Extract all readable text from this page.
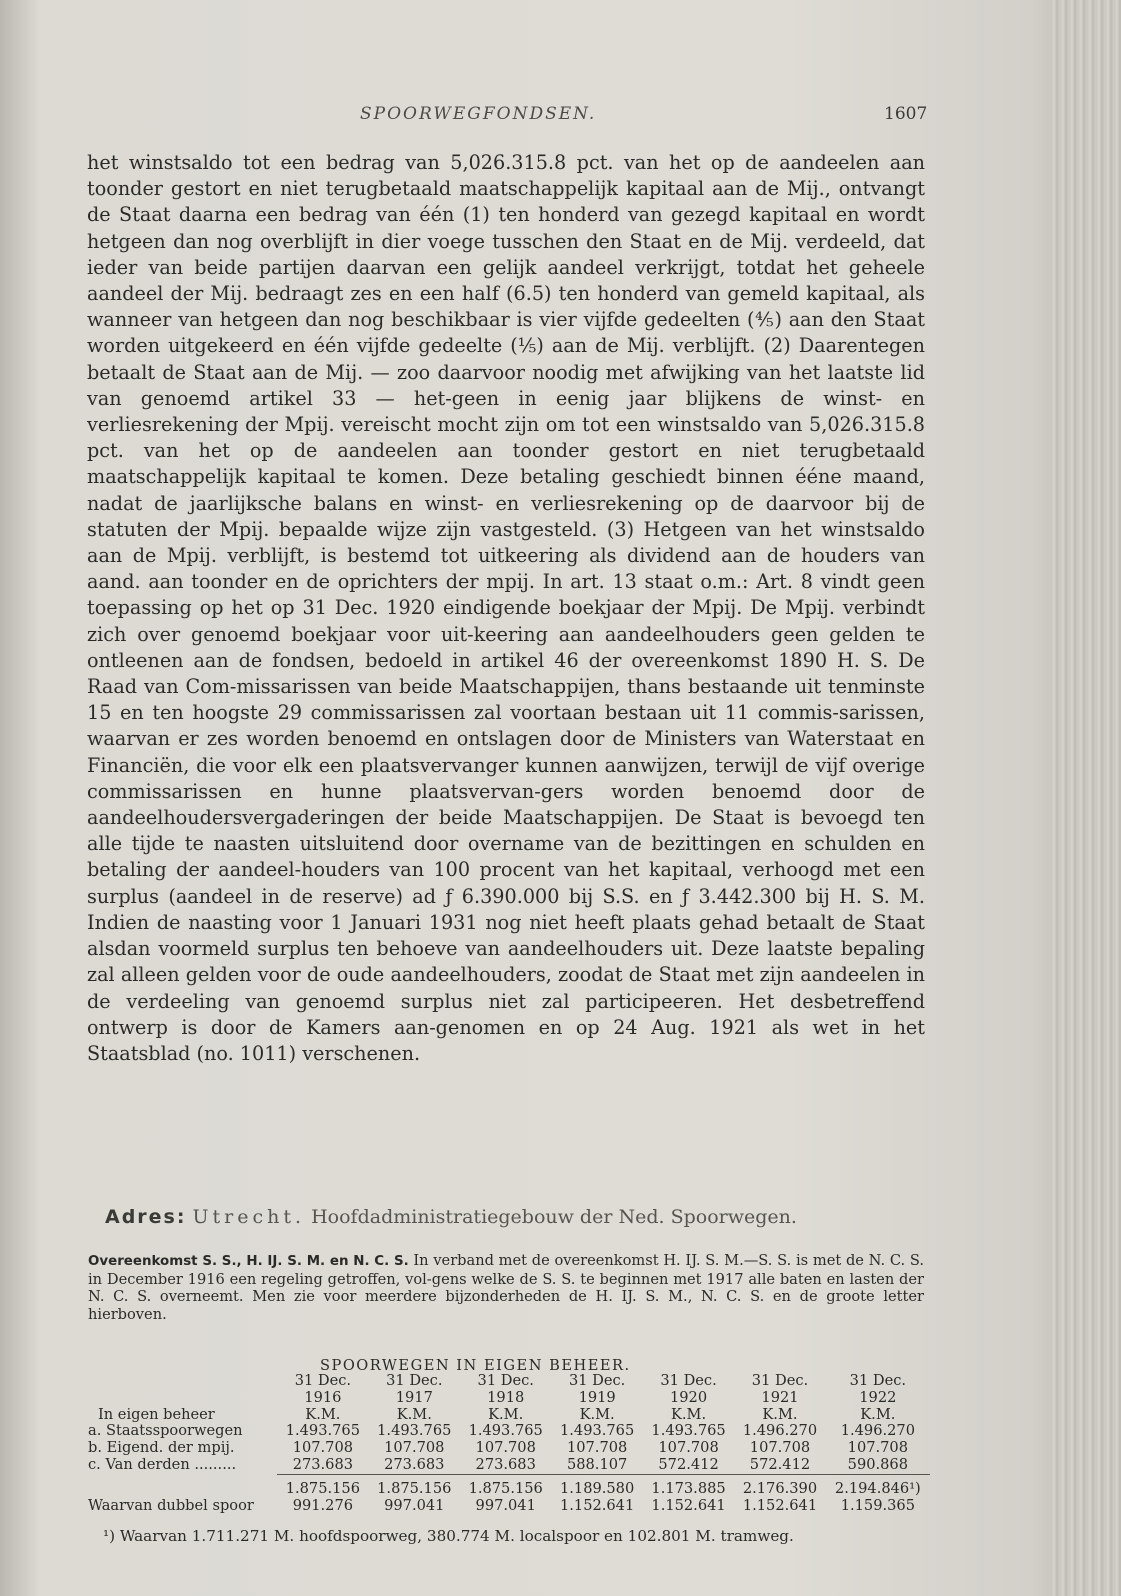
SPOORWEGFONDSEN.	1607

het winstsaldo tot een bedrag van 5,026.315.8 pct. van het op de aandeelen aan toonder gestort en niet terugbetaald maatschappelijk kapitaal aan de Mij., ontvangt de Staat daarna een bedrag van één (1) ten honderd van gezegd kapitaal en wordt hetgeen dan nog overblijft in dier voege tusschen den Staat en de Mij. verdeeld, dat ieder van beide partijen daarvan een gelijk aandeel verkrijgt, totdat het geheele aandeel der Mij. bedraagt zes en een half (6.5) ten honderd van gemeld kapitaal, als wanneer van hetgeen dan nog beschikbaar is vier vijfde gedeelten (⅘) aan den Staat worden uitgekeerd en één vijfde gedeelte (⅕) aan de Mij. verblijft. (2) Daarentegen betaalt de Staat aan de Mij. — zoo daarvoor noodig met afwijking van het laatste lid van genoemd artikel 33 — het-geen in eenig jaar blijkens de winst- en verliesrekening der Mpij. vereischt mocht zijn om tot een winstsaldo van 5,026.315.8 pct. van het op de aandeelen aan toonder gestort en niet terugbetaald maatschappelijk kapitaal te komen. Deze betaling geschiedt binnen ééne maand, nadat de jaarlijksche balans en winst- en verliesrekening op de daarvoor bij de statuten der Mpij. bepaalde wijze zijn vastgesteld. (3) Hetgeen van het winstsaldo aan de Mpij. verblijft, is bestemd tot uitkeering als dividend aan de houders van aand. aan toonder en de oprichters der mpij. In art. 13 staat o.m.: Art. 8 vindt geen toepassing op het op 31 Dec. 1920 eindigende boekjaar der Mpij. De Mpij. verbindt zich over genoemd boekjaar voor uit-keering aan aandeelhouders geen gelden te ontleenen aan de fondsen, bedoeld in artikel 46 der overeenkomst 1890 H. S. De Raad van Com-missarissen van beide Maatschappijen, thans bestaande uit tenminste 15 en ten hoogste 29 commissarissen zal voortaan bestaan uit 11 commis-sarissen, waarvan er zes worden benoemd en ontslagen door de Ministers van Waterstaat en Financiën, die voor elk een plaatsvervanger kunnen aanwijzen, terwijl de vijf overige commissarissen en hunne plaatsvervan-gers worden benoemd door de aandeelhoudersvergaderingen der beide Maatschappijen. De Staat is bevoegd ten alle tijde te naasten uitsluitend door overname van de bezittingen en schulden en betaling der aandeel-houders van 100 procent van het kapitaal, verhoogd met een surplus (aandeel in de reserve) ad ƒ 6.390.000 bij S.S. en ƒ 3.442.300 bij H. S. M. Indien de naasting voor 1 Januari 1931 nog niet heeft plaats gehad betaalt de Staat alsdan voormeld surplus ten behoeve van aandeelhouders uit. Deze laatste bepaling zal alleen gelden voor de oude aandeelhouders, zoodat de Staat met zijn aandeelen in de verdeeling van genoemd surplus niet zal participeeren. Het desbetreffend ontwerp is door de Kamers aan-genomen en op 24 Aug. 1921 als wet in het Staatsblad (no. 1011) verschenen.

Adres: Utrecht. Hoofdadministratiegebouw der Ned. Spoorwegen.
Overeenkomst S. S., H. IJ. S. M. en N. C. S. In verband met de overeenkomst H. IJ. S. M.—S. S. is met de N. C. S. in December 1916 een regeling getroffen, vol-gens welke de S. S. te beginnen met 1917 alle baten en lasten der N. C. S. overneemt. Men zie voor meerdere bijzonderheden de H. IJ. S. M., N. C. S. en de groote letter hierboven.
SPOORWEGEN IN EIGEN BEHEER.
	31 Dec.	31 Dec.	31 Dec.	31 Dec.	31 Dec.	31 Dec.	31 Dec.
	1916	1917	1918	1919	1920	1921	1922
In eigen beheer	K.M.	K.M.	K.M.	K.M.	K.M.	K.M.	K.M.
a. Staatsspoorwegen	1.493.765	1.493.765	1.493.765	1.493.765	1.493.765	1.496.270	1.496.270
b. Eigend. der mpij.	107.708	107.708	107.708	107.708	107.708	107.708	107.708
c. Van derden .........	273.683	273.683	273.683	588.107	572.412	572.412	590.868
	1.875.156	1.875.156	1.875.156	1.189.580	1.173.885	2.176.390	2.194.846¹)
Waarvan dubbel spoor	991.276	997.041	997.041	1.152.641	1.152.641	1.152.641	1.159.365
¹) Waarvan 1.711.271 M. hoofdspoorweg, 380.774 M. localspoor en 102.801 M. tramweg.
